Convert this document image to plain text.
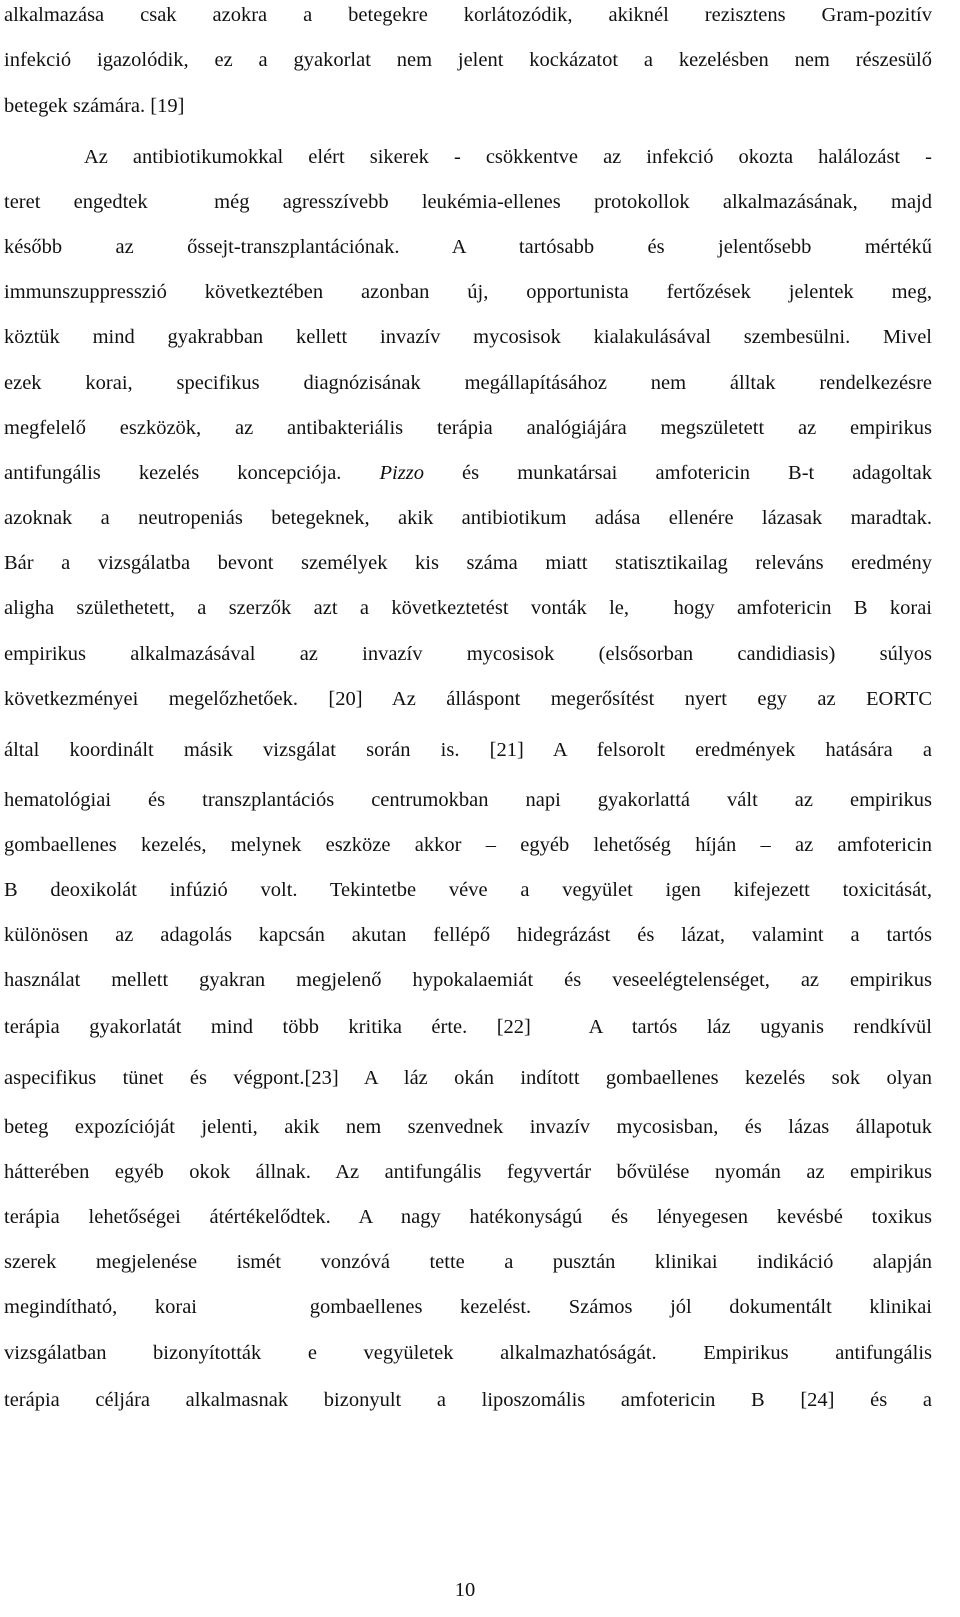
alkalmazása csak azokra a betegekre korlátozódik, akiknél rezisztens Gram-pozitív
infekció igazolódik, ez a gyakorlat nem jelent kockázatot a kezelésben nem részesülő
betegek számára. [19]
Az antibiotikumokkal elért sikerek - csökkentve az infekció okozta halálozást -
teret engedtek  még agresszívebb leukémia-ellenes protokollok alkalmazásának, majd
később  az  őssejt-transzplantációnak.  A  tartósabb  és  jelentősebb  mértékű
immunszuppresszió következtében azonban új, opportunista fertőzések jelentek meg,
köztük mind gyakrabban kellett invazív mycosisok kialakulásával szembesülni. Mivel
ezek korai, specifikus diagnózisának megállapításához nem álltak rendelkezésre
megfelelő eszközök, az antibakteriális terápia analógiájára megszületett az empirikus
antifungális kezelés koncepciója. Pizzo és munkatársai amfotericin B-t adagoltak
azoknak a neutropeniás betegeknek, akik antibiotikum adása ellenére lázasak maradtak.
Bár a vizsgálatba bevont személyek kis száma miatt statisztikailag releváns eredmény
aligha születhetett, a szerzők azt a következtetést vonták le,  hogy amfotericin B korai
empirikus alkalmazásával az invazív mycosisok (elsősorban candidiasis) súlyos
következményei megelőzhetőek. [20] Az álláspont megerősítést nyert egy az EORTC
által koordinált másik vizsgálat során is. [21] A felsorolt eredmények hatására a
hematológiai és transzplantációs centrumokban napi gyakorlattá vált az empirikus
gombaellenes kezelés, melynek eszköze akkor – egyéb lehetőség híján – az amfotericin
B deoxikolát infúzió volt. Tekintetbe véve a vegyület igen kifejezett toxicitását,
különösen az adagolás kapcsán akutan fellépő hidegrázást és lázat, valamint a tartós
használat mellett gyakran megjelenő hypokalaemiát és veseelégtelenséget, az empirikus
terápia gyakorlatát mind több kritika érte. [22]  A tartós láz ugyanis rendkívül
aspecifikus tünet és végpont.[23] A láz okán indított gombaellenes kezelés sok olyan
beteg expozícióját jelenti, akik nem szenvednek invazív mycosisban, és lázas állapotuk
hátterében egyéb okok állnak. Az antifungális fegyvertár bővülése nyomán az empirikus
terápia lehetőségei átértékelődtek. A nagy hatékonyságú és lényegesen kevésbé toxikus
szerek megjelenése ismét vonzóvá tette a pusztán klinikai indikáció alapján
megindítható, korai   gombaellenes kezelést. Számos jól dokumentált klinikai
vizsgálatban bizonyították e vegyületek alkalmazhatóságát. Empirikus antifungális
terápia céljára alkalmasnak bizonyult a liposzomális amfotericin B [24] és a
10
